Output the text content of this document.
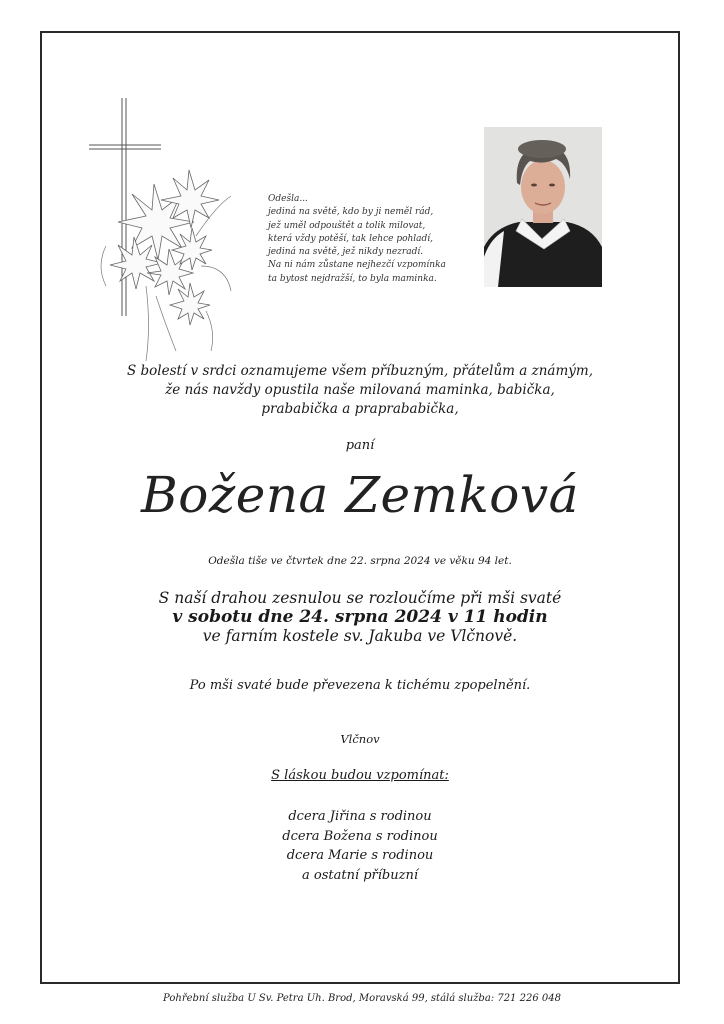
Odešla...
jediná na světě, kdo by ji neměl rád,
jež uměl odpouštět a tolik milovat,
která vždy potěší, tak lehce pohladí,
jediná na světě, jež nikdy nezradí.
Na ni nám zůstane nejhezčí vzpomínka
ta bytost nejdražší, to byla maminka.
S bolestí v srdci oznamujeme všem příbuzným, přátelům a známým,
že nás navždy opustila naše milovaná maminka, babička,
prababička a praprababička,
paní
Božena Zemková
Odešla tiše ve čtvrtek dne 22. srpna 2024 ve věku 94 let.
S naší drahou zesnulou se rozloučíme při mši svaté
v sobotu dne 24. srpna 2024 v 11 hodin
ve farním kostele sv. Jakuba ve Vlčnově.
Po mši svaté bude převezena k tichému zpopelnění.
Vlčnov
S láskou budou vzpomínat:
dcera Jiřina s rodinou
dcera Božena s rodinou
dcera Marie s rodinou
a ostatní příbuzní
Pohřební služba U Sv. Petra Uh. Brod, Moravská 99, stálá služba: 721 226 048
